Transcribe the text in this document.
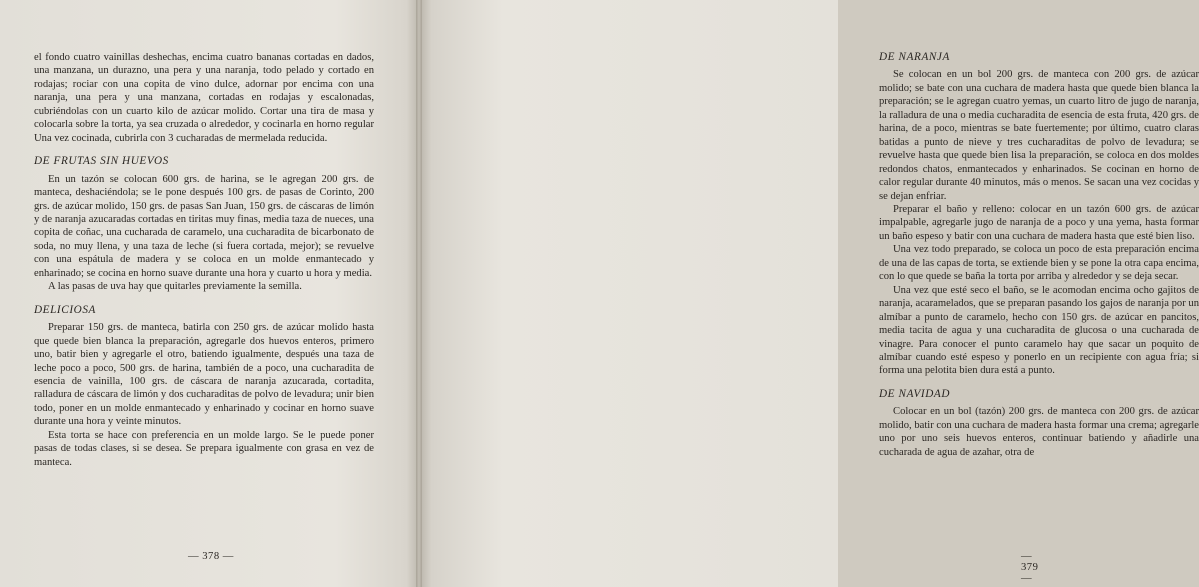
el fondo cuatro vainillas deshechas, encima cuatro bananas cortadas en dados, una manzana, un durazno, una pera y una naranja, todo pelado y cortado en rodajas; rociar con una copita de vino dulce, adornar por encima con una naranja, una pera y una manzana, cortadas en rodajas y escalonadas, cubriéndolas con un cuarto kilo de azúcar molido. Cortar una tira de masa y colocarla sobre la torta, ya sea cruzada o alrededor, y cocinarla en horno regular Una vez cocinada, cubrirla con 3 cucharadas de mermelada reducida.

DE FRUTAS SIN HUEVOS

En un tazón se colocan 600 grs. de harina, se le agregan 200 grs. de manteca, deshaciéndola; se le pone después 100 grs. de pasas de Corinto, 200 grs. de azúcar molido, 150 grs. de pasas San Juan, 150 grs. de cáscaras de limón y de naranja azucaradas cortadas en tiritas muy finas, media taza de nueces, una copita de coñac, una cucharada de caramelo, una cucharadita de bicarbonato de soda, no muy llena, y una taza de leche (si fuera cortada, mejor); se revuelve con una espátula de madera y se coloca en un molde enmantecado y enharinado; se cocina en horno suave durante una hora y cuarto u hora y media.

A las pasas de uva hay que quitarles previamente la semilla.

DELICIOSA

Preparar 150 grs. de manteca, batirla con 250 grs. de azúcar molido hasta que quede bien blanca la preparación, agregarle dos huevos enteros, primero uno, batir bien y agregarle el otro, batiendo igualmente, después una taza de leche poco a poco, 500 grs. de harina, también de a poco, una cucharadita de esencia de vainilla, 100 grs. de cáscara de naranja azucarada, cortadita, ralladura de cáscara de limón y dos cucharaditas de polvo de levadura; unir bien todo, poner en un molde enmantecado y enharinado y cocinar en horno suave durante una hora y veinte minutos.

Esta torta se hace con preferencia en un molde largo. Se le puede poner pasas de todas clases, si se desea. Se prepara igualmente con grasa en vez de manteca.

— 378 —
DE NARANJA

Se colocan en un bol 200 grs. de manteca con 200 grs. de azúcar molido; se bate con una cuchara de madera hasta que quede bien blanca la preparación; se le agregan cuatro yemas, un cuarto litro de jugo de naranja, la ralladura de una o media cucharadita de esencia de esta fruta, 420 grs. de harina, de a poco, mientras se bate fuertemente; por último, cuatro claras batidas a punto de nieve y tres cucharaditas de polvo de levadura; se revuelve hasta que quede bien lisa la preparación, se coloca en dos moldes redondos chatos, enmantecados y enharinados. Se cocinan en horno de calor regular durante 40 minutos, más o menos. Se sacan una vez cocidas y se dejan enfriar.

Preparar el baño y relleno: colocar en un tazón 600 grs. de azúcar impalpable, agregarle jugo de naranja de a poco y una yema, hasta formar un baño espeso y batir con una cuchara de madera hasta que esté bien liso.

Una vez todo preparado, se coloca un poco de esta preparación encima de una de las capas de torta, se extiende bien y se pone la otra capa encima, con lo que quede se baña la torta por arriba y alrededor y se deja secar.

Una vez que esté seco el baño, se le acomodan encima ocho gajitos de naranja, acaramelados, que se preparan pasando los gajos de naranja por un almíbar a punto de caramelo, hecho con 150 grs. de azúcar en pancitos, media tacita de agua y una cucharadita de glucosa o una cucharada de vinagre. Para conocer el punto caramelo hay que sacar un poquito de almíbar cuando esté espeso y ponerlo en un recipiente con agua fría; si forma una pelotita bien dura está a punto.

DE NAVIDAD

Colocar en un bol (tazón) 200 grs. de manteca con 200 grs. de azúcar molido, batir con una cuchara de madera hasta formar una crema; agregarle uno por uno seis huevos enteros, continuar batiendo y añadirle una cucharada de agua de azahar, otra de

— 379 —
